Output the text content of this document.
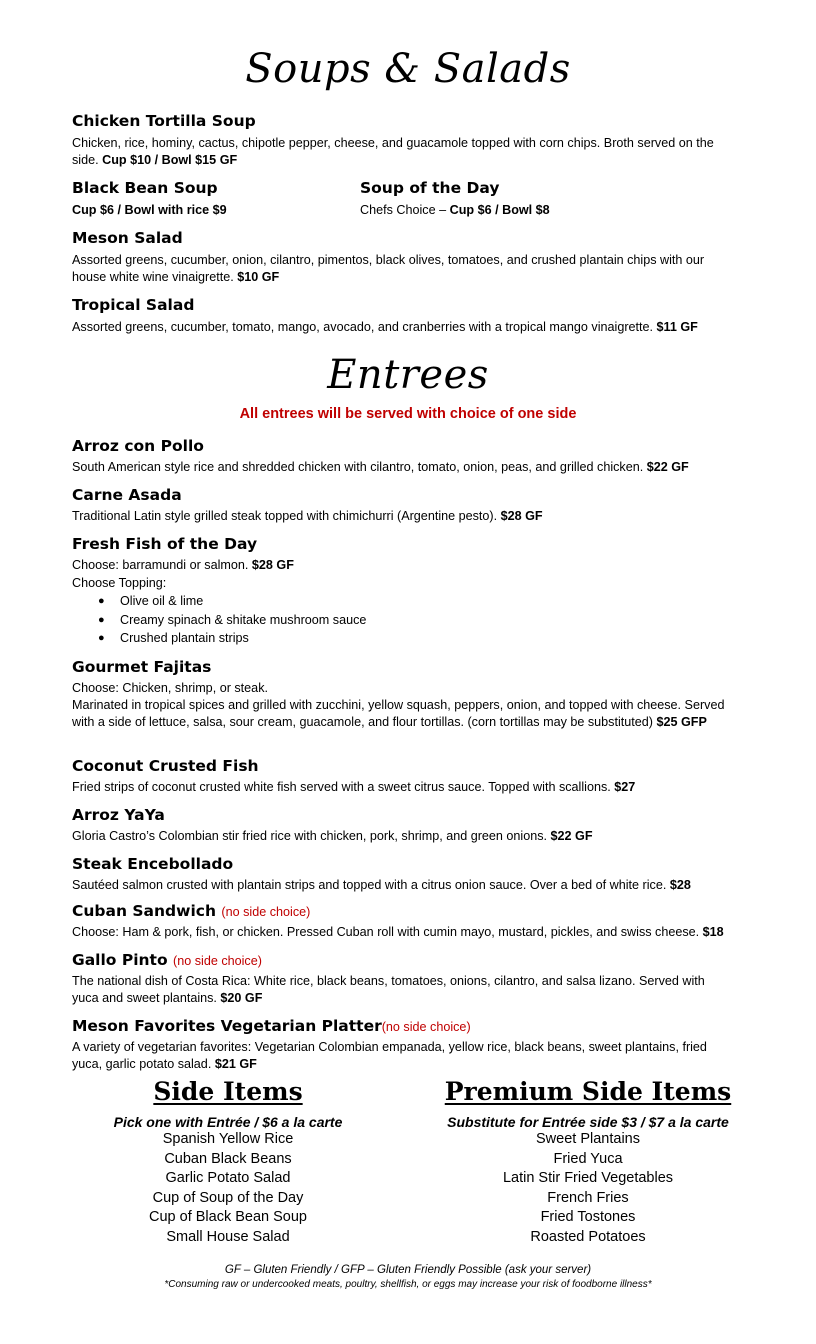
Soups & Salads
Chicken Tortilla Soup
Chicken, rice, hominy, cactus, chipotle pepper, cheese, and guacamole topped with corn chips. Broth served on the side. Cup $10 / Bowl $15 GF
Black Bean Soup
Cup $6 / Bowl with rice $9
Soup of the Day
Chefs Choice – Cup $6 / Bowl $8
Meson Salad
Assorted greens, cucumber, onion, cilantro, pimentos, black olives, tomatoes, and crushed plantain chips with our house white wine vinaigrette. $10 GF
Tropical Salad
Assorted greens, cucumber, tomato, mango, avocado, and cranberries with a tropical mango vinaigrette. $11 GF
Entrees
All entrees will be served with choice of one side
Arroz con Pollo
South American style rice and shredded chicken with cilantro, tomato, onion, peas, and grilled chicken. $22 GF
Carne Asada
Traditional Latin style grilled steak topped with chimichurri (Argentine pesto). $28 GF
Fresh Fish of the Day
Choose: barramundi or salmon. $28 GF
Choose Topping:
● Olive oil & lime
● Creamy spinach & shitake mushroom sauce
● Crushed plantain strips
Gourmet Fajitas
Choose: Chicken, shrimp, or steak.
Marinated in tropical spices and grilled with zucchini, yellow squash, peppers, onion, and topped with cheese. Served with a side of lettuce, salsa, sour cream, guacamole, and flour tortillas. (corn tortillas may be substituted) $25 GFP
Coconut Crusted Fish
Fried strips of coconut crusted white fish served with a sweet citrus sauce. Topped with scallions. $27
Arroz YaYa
Gloria Castro’s Colombian stir fried rice with chicken, pork, shrimp, and green onions. $22 GF
Steak Encebollado
Sautéed salmon crusted with plantain strips and topped with a citrus onion sauce. Over a bed of white rice. $28
Cuban Sandwich (no side choice)
Choose: Ham & pork, fish, or chicken. Pressed Cuban roll with cumin mayo, mustard, pickles, and swiss cheese. $18
Gallo Pinto (no side choice)
The national dish of Costa Rica: White rice, black beans, tomatoes, onions, cilantro, and salsa lizano. Served with yuca and sweet plantains. $20 GF
Meson Favorites Vegetarian Platter(no side choice)
A variety of vegetarian favorites: Vegetarian Colombian empanada, yellow rice, black beans, sweet plantains, fried yuca, garlic potato salad. $21 GF
Side Items
Pick one with Entrée / $6 a la carte
Spanish Yellow Rice
Cuban Black Beans
Garlic Potato Salad
Cup of Soup of the Day
Cup of Black Bean Soup
Small House Salad
Premium Side Items
Substitute for Entrée side $3 / $7 a la carte
Sweet Plantains
Fried Yuca
Latin Stir Fried Vegetables
French Fries
Fried Tostones
Roasted Potatoes
GF – Gluten Friendly / GFP – Gluten Friendly Possible (ask your server)
*Consuming raw or undercooked meats, poultry, shellfish, or eggs may increase your risk of foodborne illness*
